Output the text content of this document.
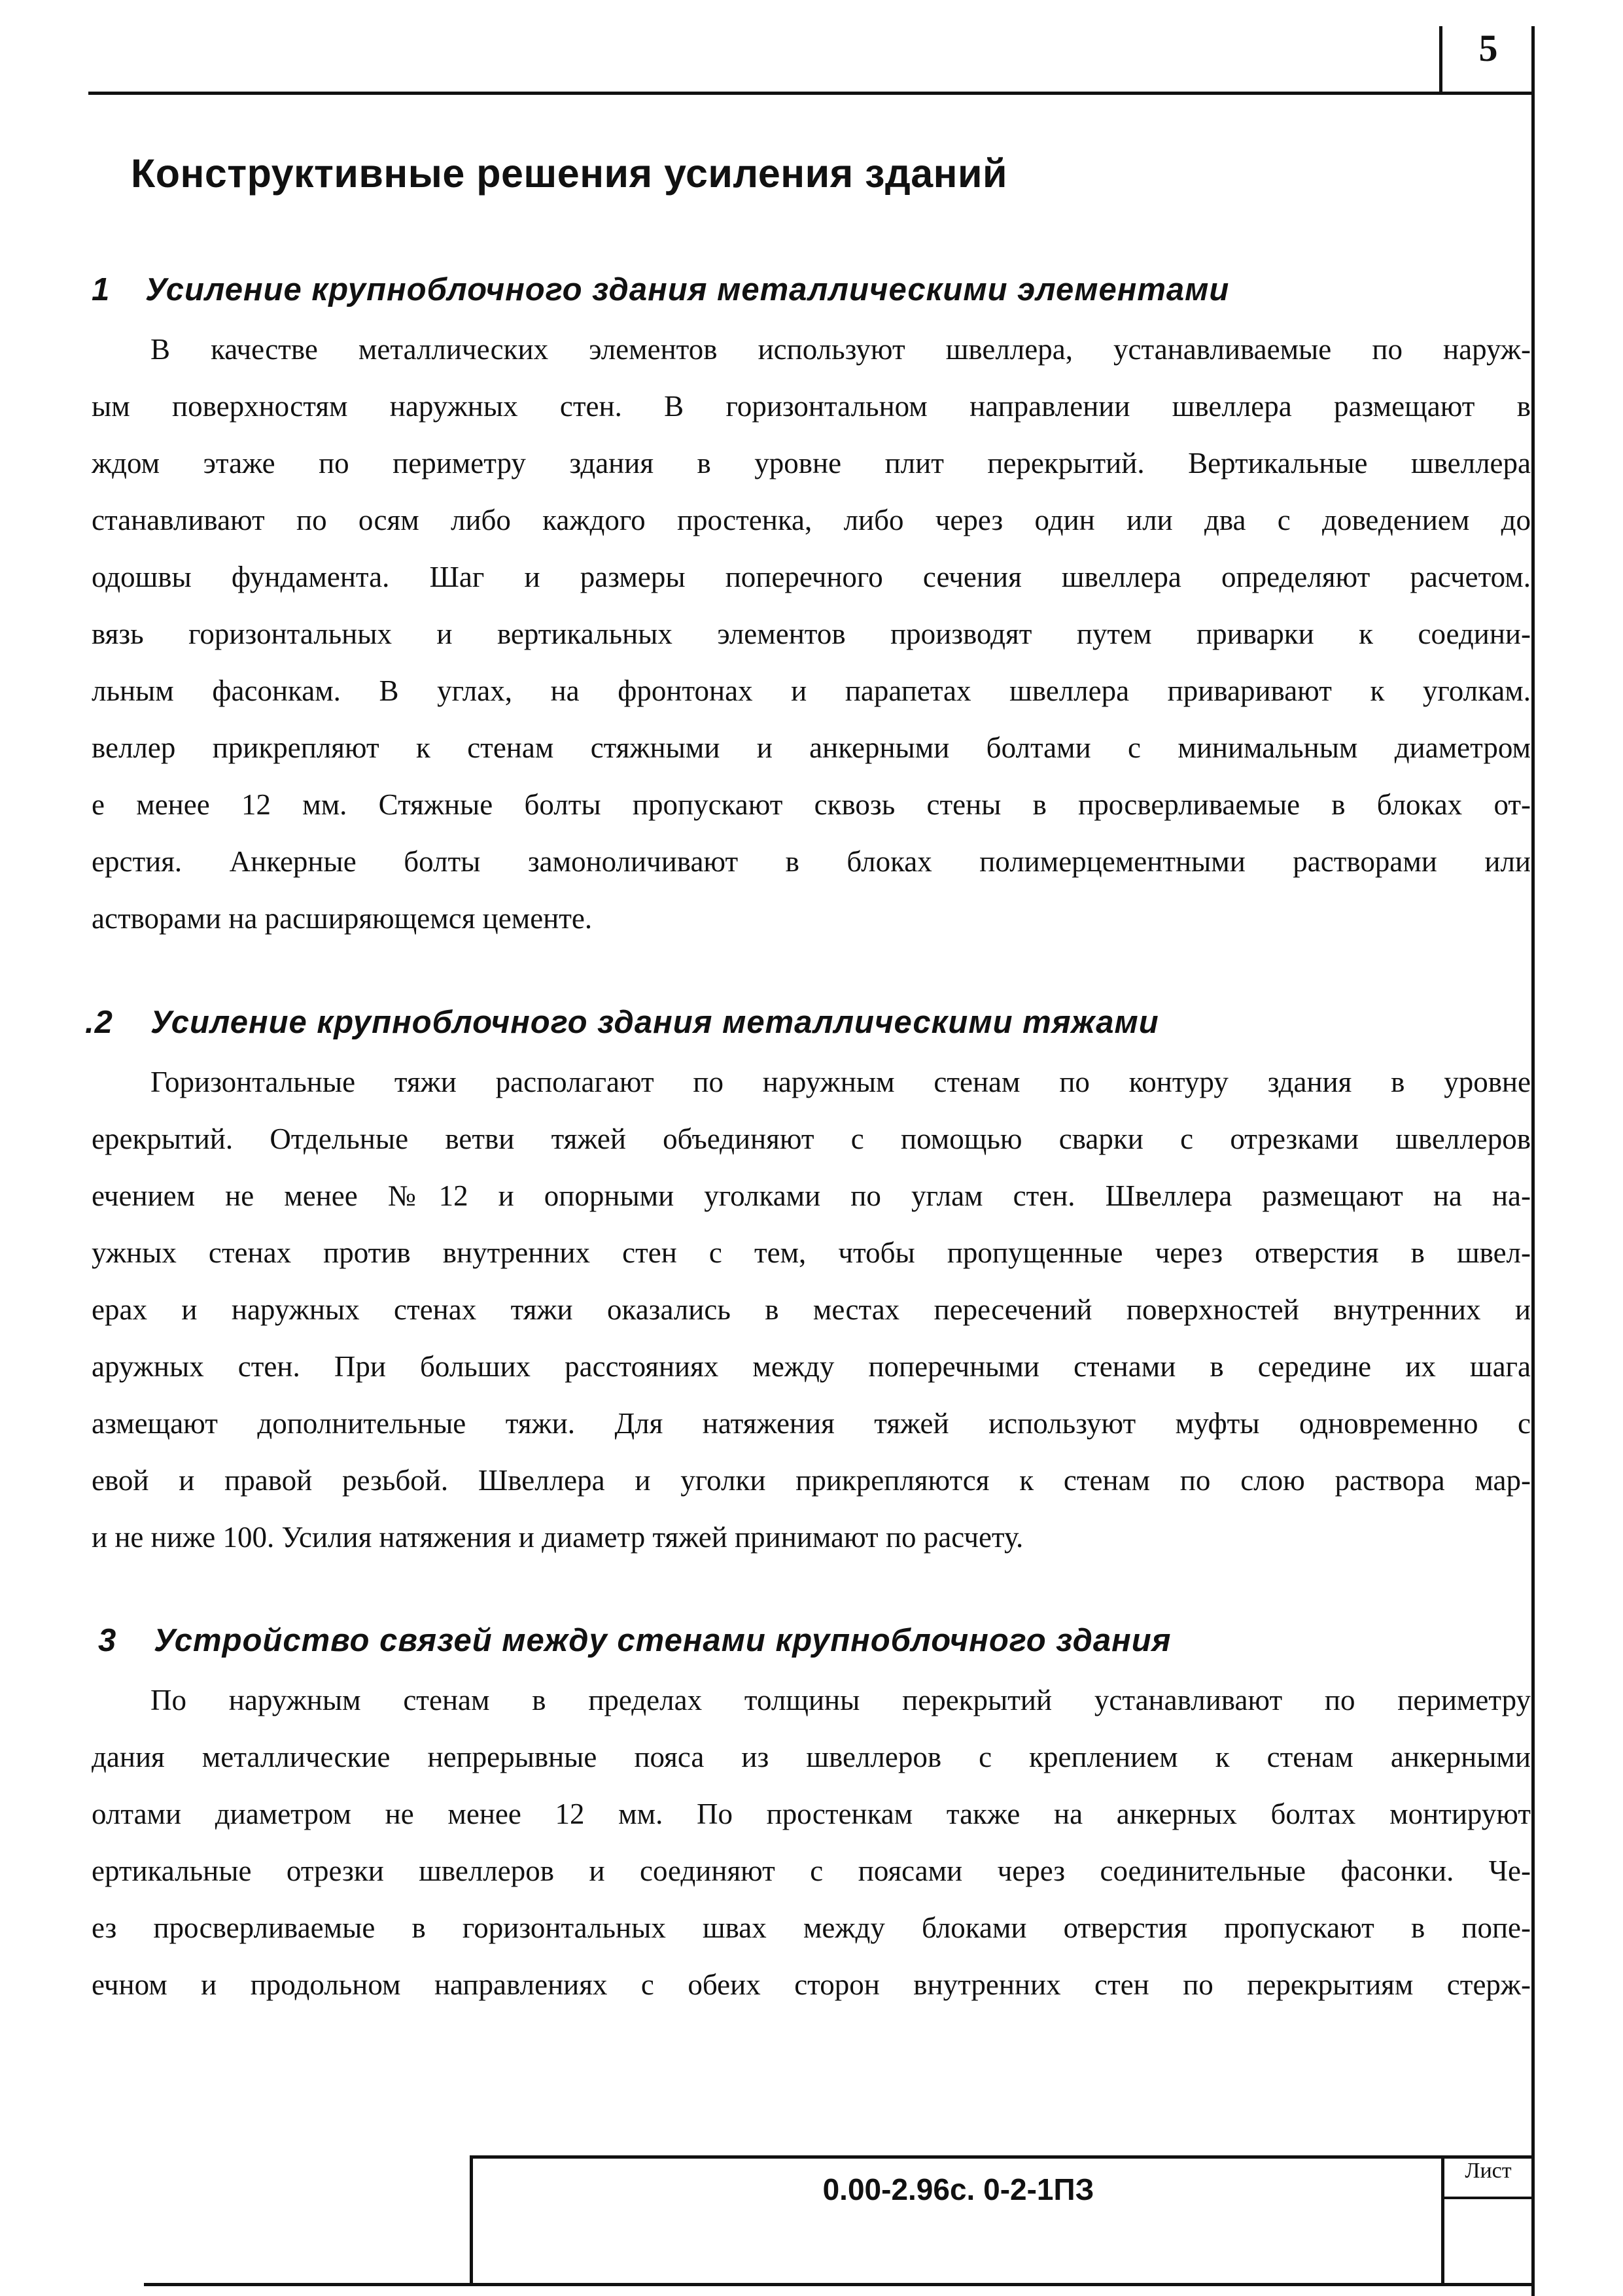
5
Конструктивные решения усиления зданий
1 Усиление крупноблочного здания металлическими элементами
В качестве металлических элементов используют швеллера, устанавливаемые по наруж-
ым поверхностям наружных стен. В горизонтальном направлении швеллера размещают в
ждом этаже по периметру здания в уровне плит перекрытий. Вертикальные швеллера
станавливают по осям либо каждого простенка, либо через один или два с доведением до
одошвы фундамента. Шаг и размеры поперечного сечения швеллера определяют расчетом.
вязь горизонтальных и вертикальных элементов производят путем приварки к соедини-
льным фасонкам. В углах, на фронтонах и парапетах швеллера приваривают к уголкам.
веллер прикрепляют к стенам стяжными и анкерными болтами с минимальным диаметром
е менее 12 мм. Стяжные болты пропускают сквозь стены в просверливаемые в блоках от-
ерстия. Анкерные болты замоноличивают в блоках полимерцементными растворами или
астворами на расширяющемся цементе.
.2 Усиление крупноблочного здания металлическими тяжами
Горизонтальные тяжи располагают по наружным стенам по контуру здания в уровне
ерекрытий. Отдельные ветви тяжей объединяют с помощью сварки с отрезками швеллеров
ечением не менее №12 и опорными уголками по углам стен. Швеллера размещают на на-
ужных стенах против внутренних стен с тем, чтобы пропущенные через отверстия в швел-
ерах и наружных стенах тяжи оказались в местах пересечений поверхностей внутренних и
аружных стен. При больших расстояниях между поперечными стенами в середине их шага
азмещают дополнительные тяжи. Для натяжения тяжей используют муфты одновременно с
евой и правой резьбой. Швеллера и уголки прикрепляются к стенам по слою раствора мар-
и не ниже 100. Усилия натяжения и диаметр тяжей принимают по расчету.
3 Устройство связей между стенами крупноблочного здания
По наружным стенам в пределах толщины перекрытий устанавливают по периметру
дания металлические непрерывные пояса из швеллеров с креплением к стенам анкерными
олтами диаметром не менее 12 мм. По простенкам также на анкерных болтах монтируют
ертикальные отрезки швеллеров и соединяют с поясами через соединительные фасонки. Че-
ез просверливаемые в горизонтальных швах между блоками отверстия пропускают в попе-
ечном и продольном направлениях с обеих сторон внутренних стен по перекрытиям стерж-
Лист
0.00-2.96с. 0-2-1ПЗ
